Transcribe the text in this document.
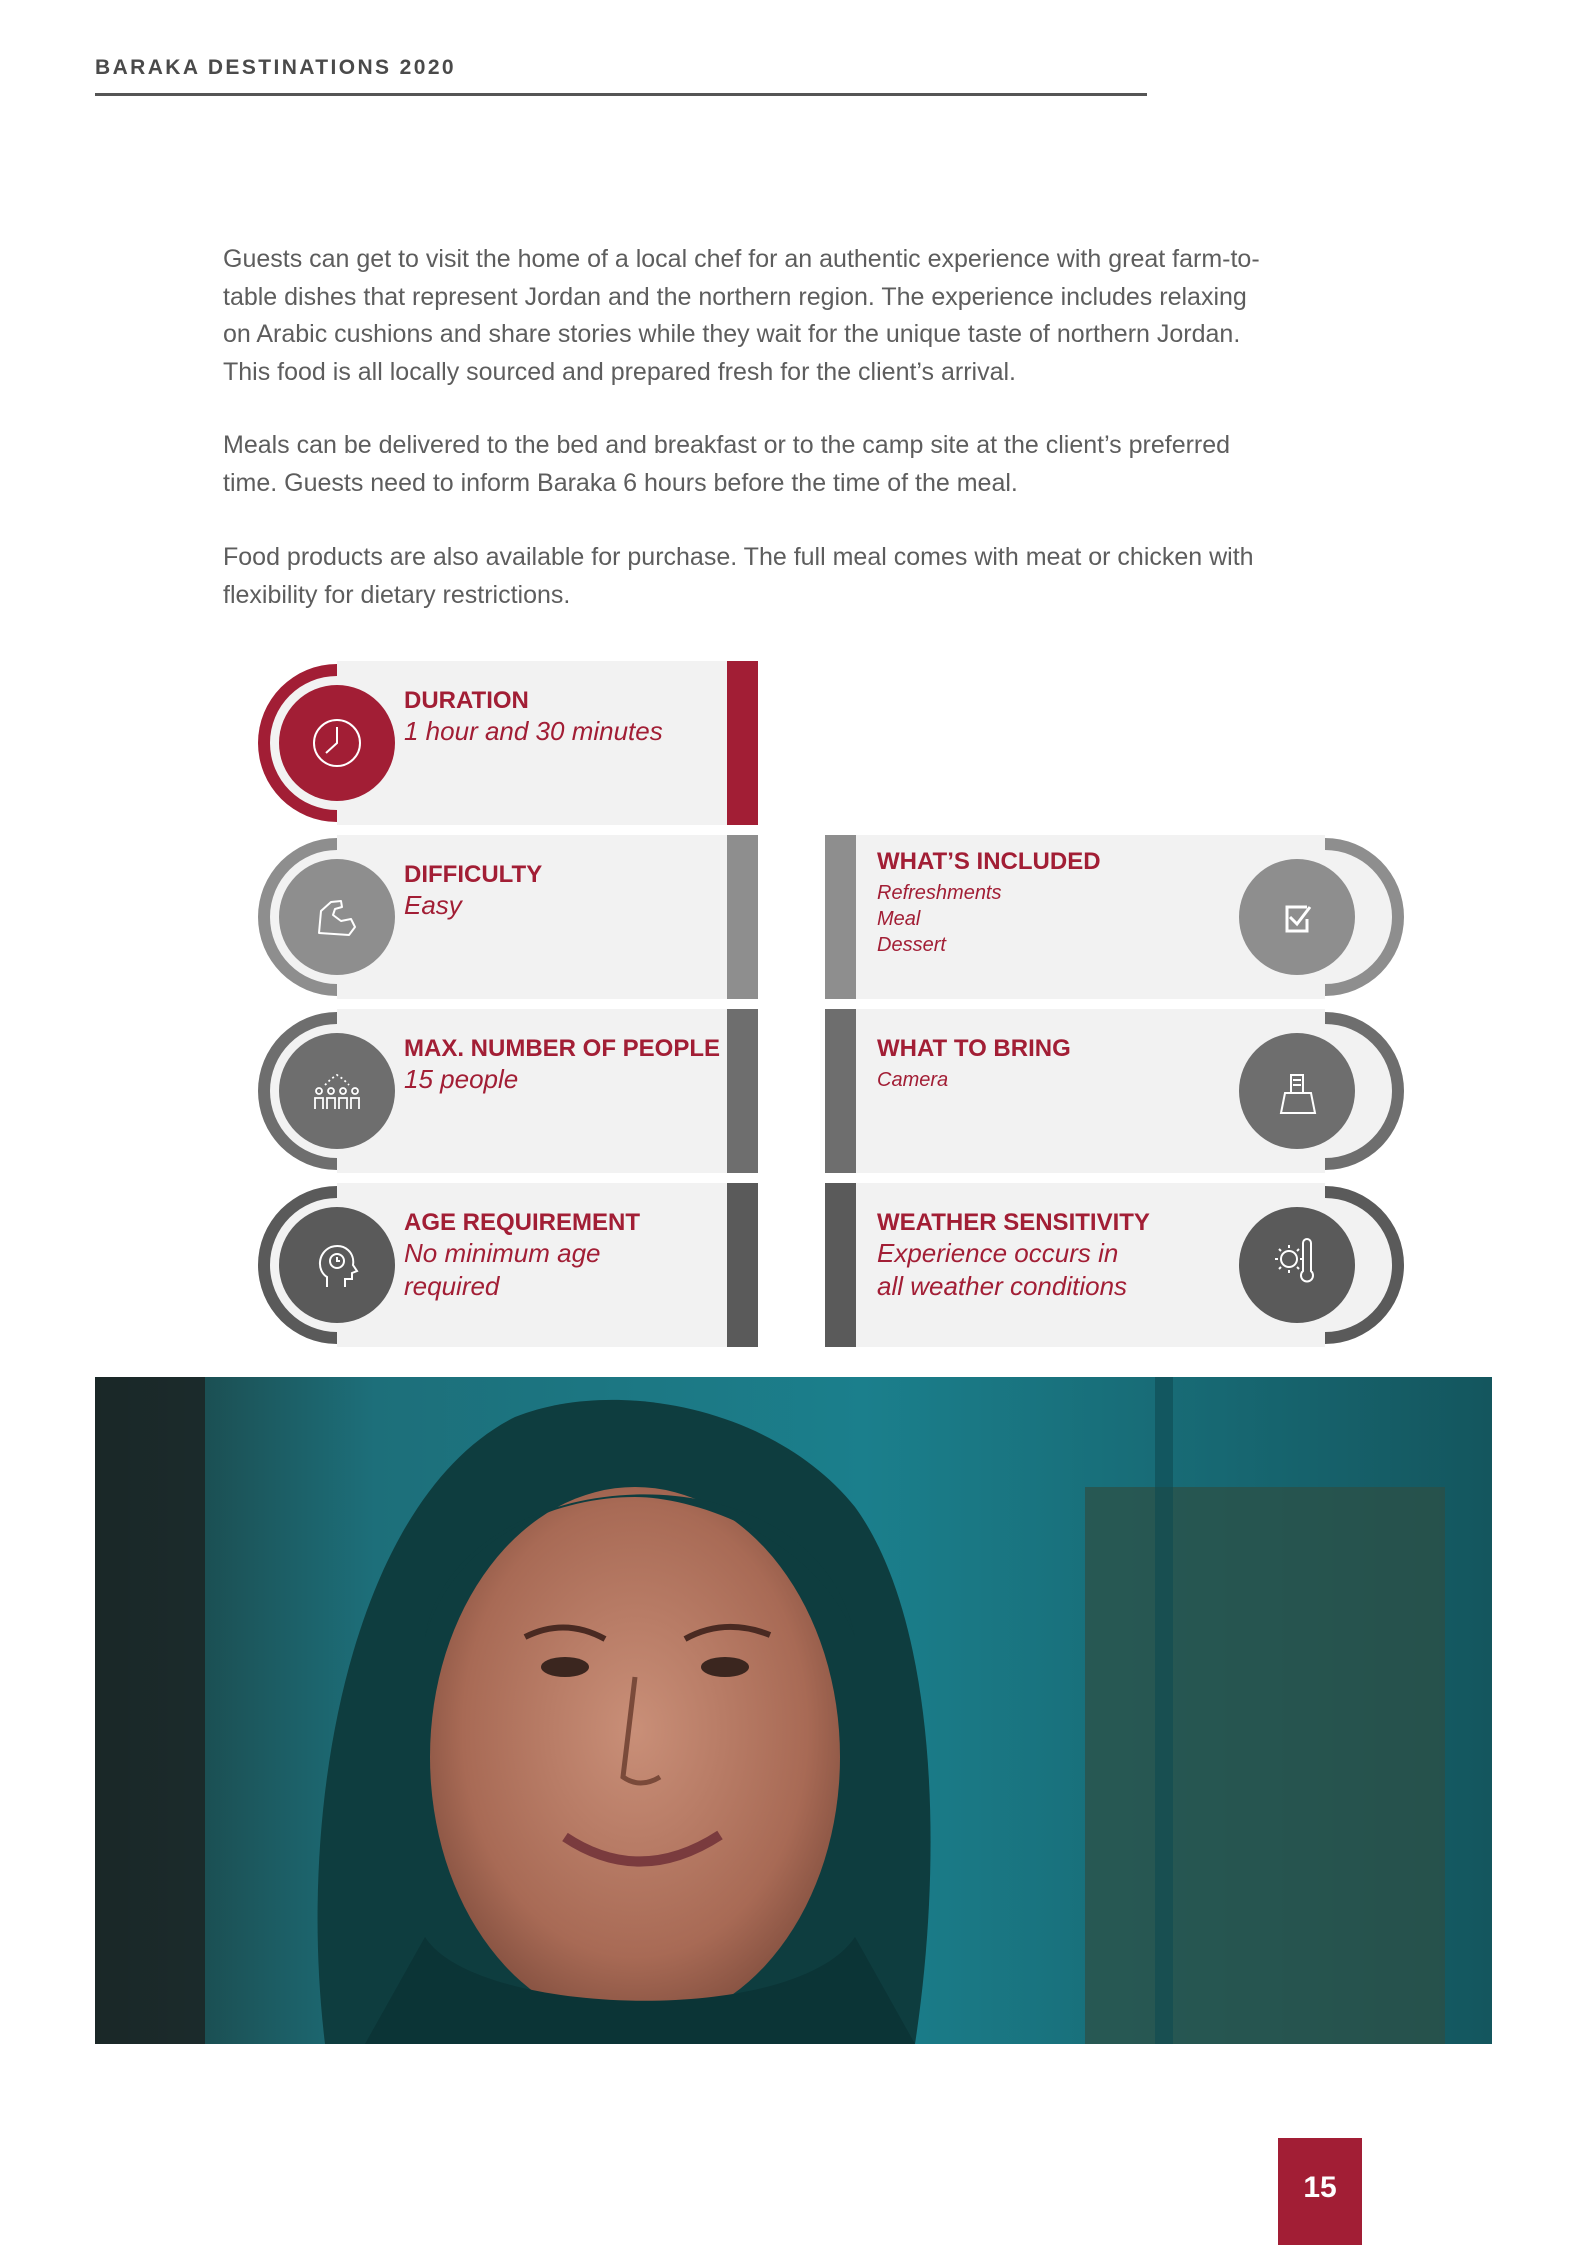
BARAKA DESTINATIONS 2020

Guests can get to visit the home of a local chef for an authentic experience with great farm-to-
table dishes that represent Jordan and the northern region. The experience includes relaxing
on Arabic cushions and share stories while they wait for the unique taste of northern Jordan.
This food is all locally sourced and prepared fresh for the client’s arrival.

Meals can be delivered to the bed and breakfast or to the camp site at the client’s preferred
time. Guests need to inform Baraka 6 hours before the time of the meal.

Food products are also available for purchase. The full meal comes with meat or chicken with
flexibility for dietary restrictions.

DURATION
1 hour and 30 minutes
DIFFICULTY
Easy
MAX. NUMBER OF PEOPLE
15 people
AGE REQUIREMENT
No minimum age
required
WHAT’S INCLUDED
Refreshments
Meal
Dessert
WHAT TO BRING
Camera
WEATHER SENSITIVITY
Experience occurs in
all weather conditions
15
